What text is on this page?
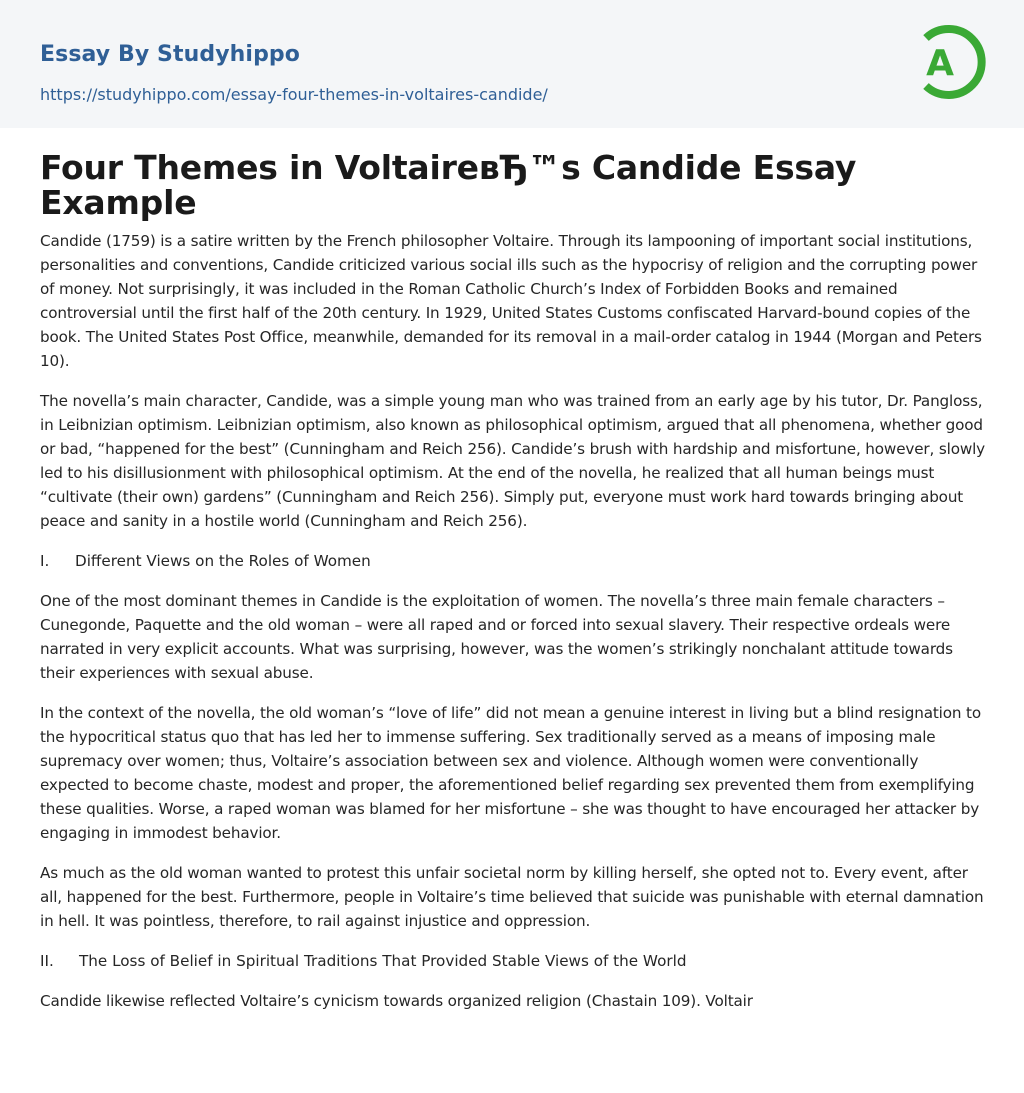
Essay By Studyhippo
https://studyhippo.com/essay-four-themes-in-voltaires-candide/
A
Four Themes in VoltaireвЂ™s Candide Essay Example

Candide (1759) is a satire written by the French philosopher Voltaire. Through its lampooning of important social institutions, personalities and conventions, Candide criticized various social ills such as the hypocrisy of religion and the corrupting power of money. Not surprisingly, it was included in the Roman Catholic Church’s Index of Forbidden Books and remained controversial until the first half of the 20th century. In 1929, United States Customs confiscated Harvard-bound copies of the book. The United States Post Office, meanwhile, demanded for its removal in a mail-order catalog in 1944 (Morgan and Peters 10).

The novella’s main character, Candide, was a simple young man who was trained from an early age by his tutor, Dr. Pangloss, in Leibnizian optimism. Leibnizian optimism, also known as philosophical optimism, argued that all phenomena, whether good or bad, “happened for the best” (Cunningham and Reich 256). Candide’s brush with hardship and misfortune, however, slowly led to his disillusionment with philosophical optimism. At the end of the novella, he realized that all human beings must “cultivate (their own) gardens” (Cunningham and Reich 256). Simply put, everyone must work hard towards bringing about peace and sanity in a hostile world (Cunningham and Reich 256).

I. Different Views on the Roles of Women

One of the most dominant themes in Candide is the exploitation of women. The novella’s three main female characters – Cunegonde, Paquette and the old woman – were all raped and or forced into sexual slavery. Their respective ordeals were narrated in very explicit accounts. What was surprising, however, was the women’s strikingly nonchalant attitude towards their experiences with sexual abuse.

In the context of the novella, the old woman’s “love of life” did not mean a genuine interest in living but a blind resignation to the hypocritical status quo that has led her to immense suffering. Sex traditionally served as a means of imposing male supremacy over women; thus, Voltaire’s association between sex and violence. Although women were conventionally expected to become chaste, modest and proper, the aforementioned belief regarding sex prevented them from exemplifying these qualities. Worse, a raped woman was blamed for her misfortune – she was thought to have encouraged her attacker by engaging in immodest behavior.

As much as the old woman wanted to protest this unfair societal norm by killing herself, she opted not to. Every event, after all, happened for the best. Furthermore, people in Voltaire’s time believed that suicide was punishable with eternal damnation in hell. It was pointless, therefore, to rail against injustice and oppression.

II. The Loss of Belief in Spiritual Traditions That Provided Stable Views of the World

Candide likewise reflected Voltaire’s cynicism towards organized religion (Chastain 109). Voltair
